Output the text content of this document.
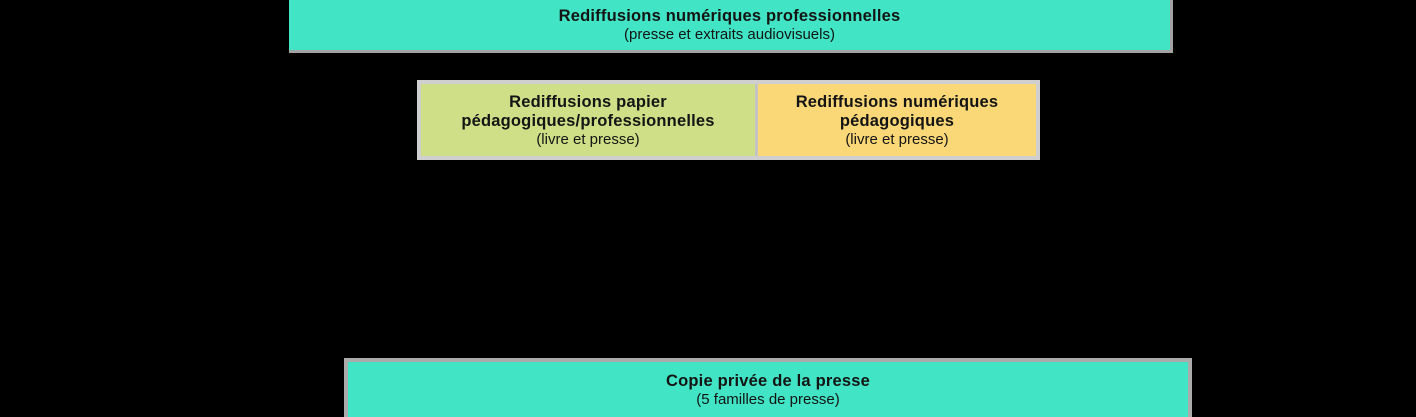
Rediffusions numériques professionnelles
(presse et extraits audiovisuels)
Rediffusions papier
pédagogiques/professionnelles
(livre et presse)
Rediffusions numériques
pédagogiques
(livre et presse)
Copie privée de la presse
(5 familles de presse)
